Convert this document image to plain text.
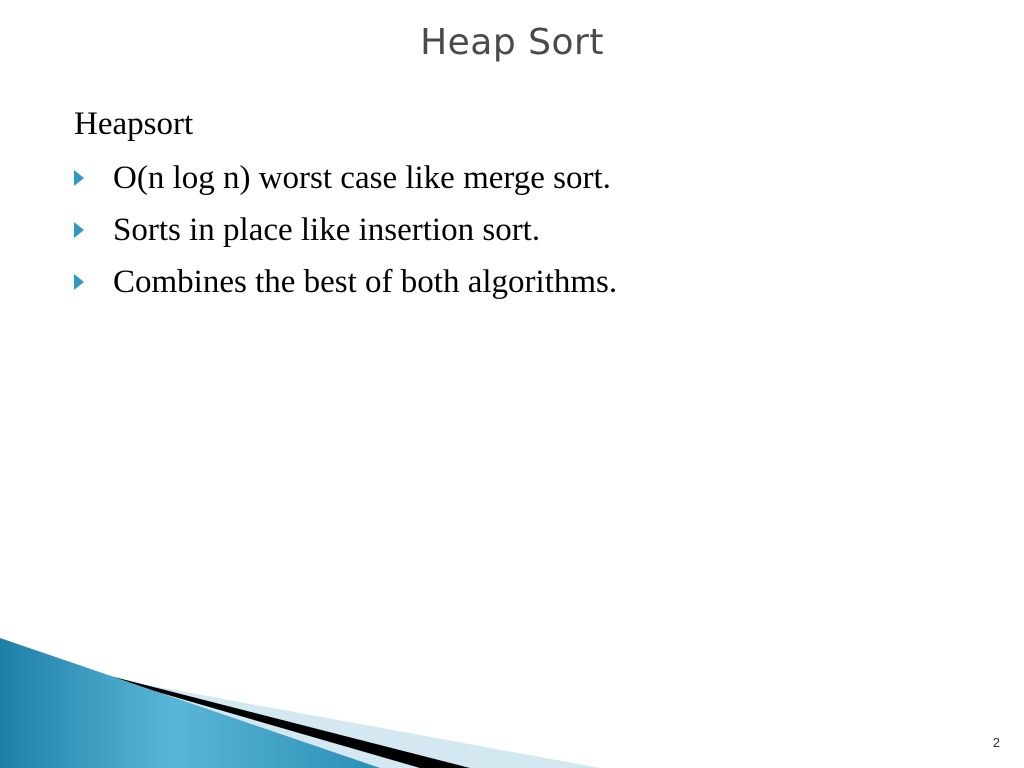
Heap Sort
Heapsort
O(n log n) worst case like merge sort.
Sorts in place like insertion sort.
Combines the best of both algorithms.
2
